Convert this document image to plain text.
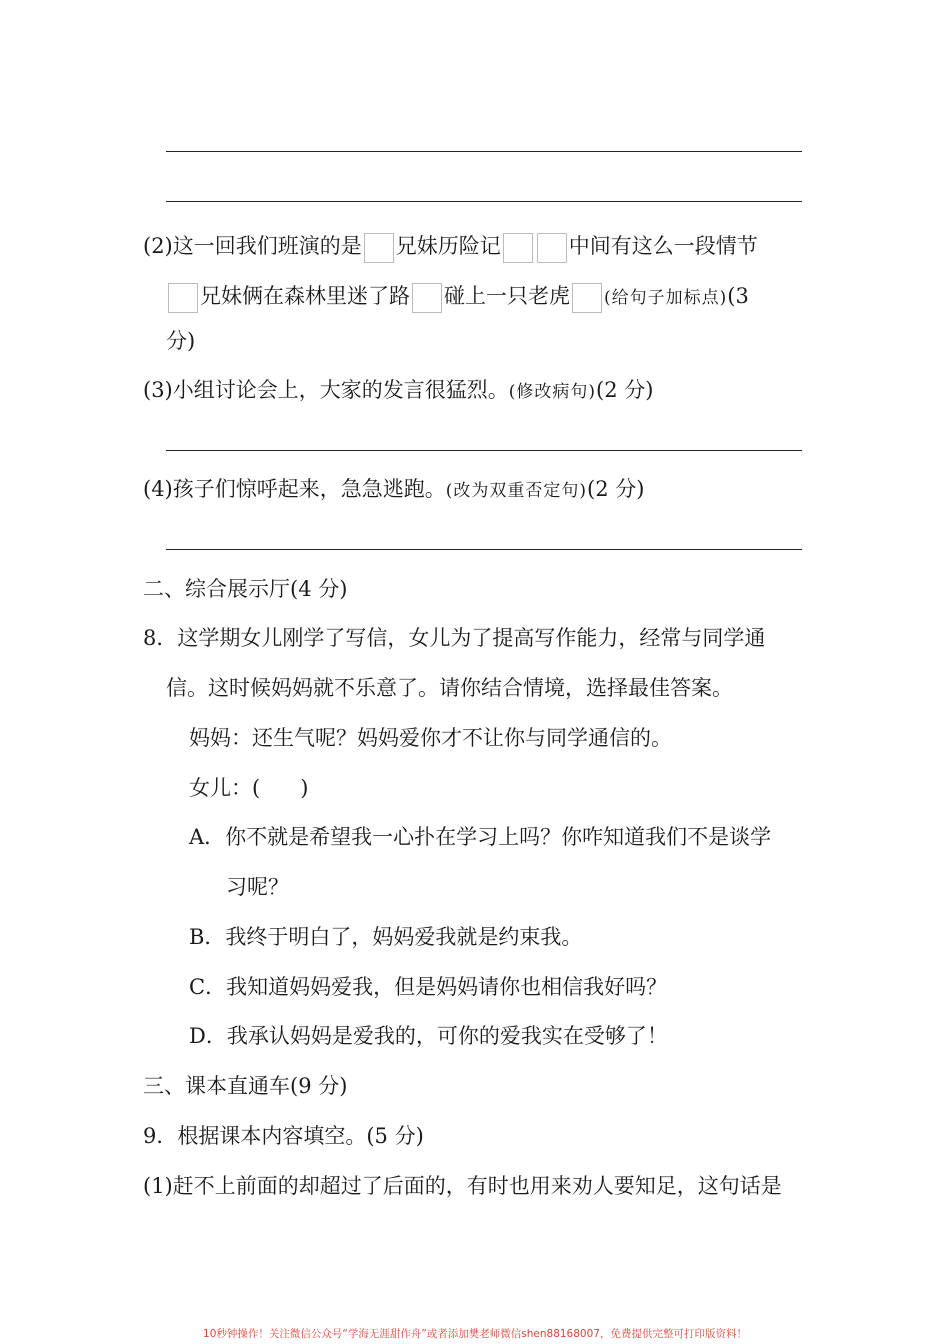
(2)这一回我们班演的是 兄妹历险记	中间有这么一段情节
兄妹俩在森林里迷了路 碰上一只老虎 (给句子加标点)(3
分)
(3)小组讨论会上，大家的发言很猛烈。(修改病句)(2 分)
(4)孩子们惊呼起来，急急逃跑。(改为双重否定句)(2 分)
二、综合展示厅(4 分)
8．这学期女儿刚学了写信，女儿为了提高写作能力，经常与同学通
信。这时候妈妈就不乐意了。请你结合情境，选择最佳答案。
妈妈：还生气呢？妈妈爱你才不让你与同学通信的。
女儿：( )
A．你不就是希望我一心扑在学习上吗？你咋知道我们不是谈学
习呢？
B．我终于明白了，妈妈爱我就是约束我。
C．我知道妈妈爱我，但是妈妈请你也相信我好吗？
D．我承认妈妈是爱我的，可你的爱我实在受够了！
三、课本直通车(9 分)
9．根据课本内容填空。(5 分)
(1)赶不上前面的却超过了后面的，有时也用来劝人要知足，这句话是
10秒钟操作！关注微信公众号“学海无涯甜作舟”或者添加樊老师微信shen88168007，免费提供完整可打印版资料！
